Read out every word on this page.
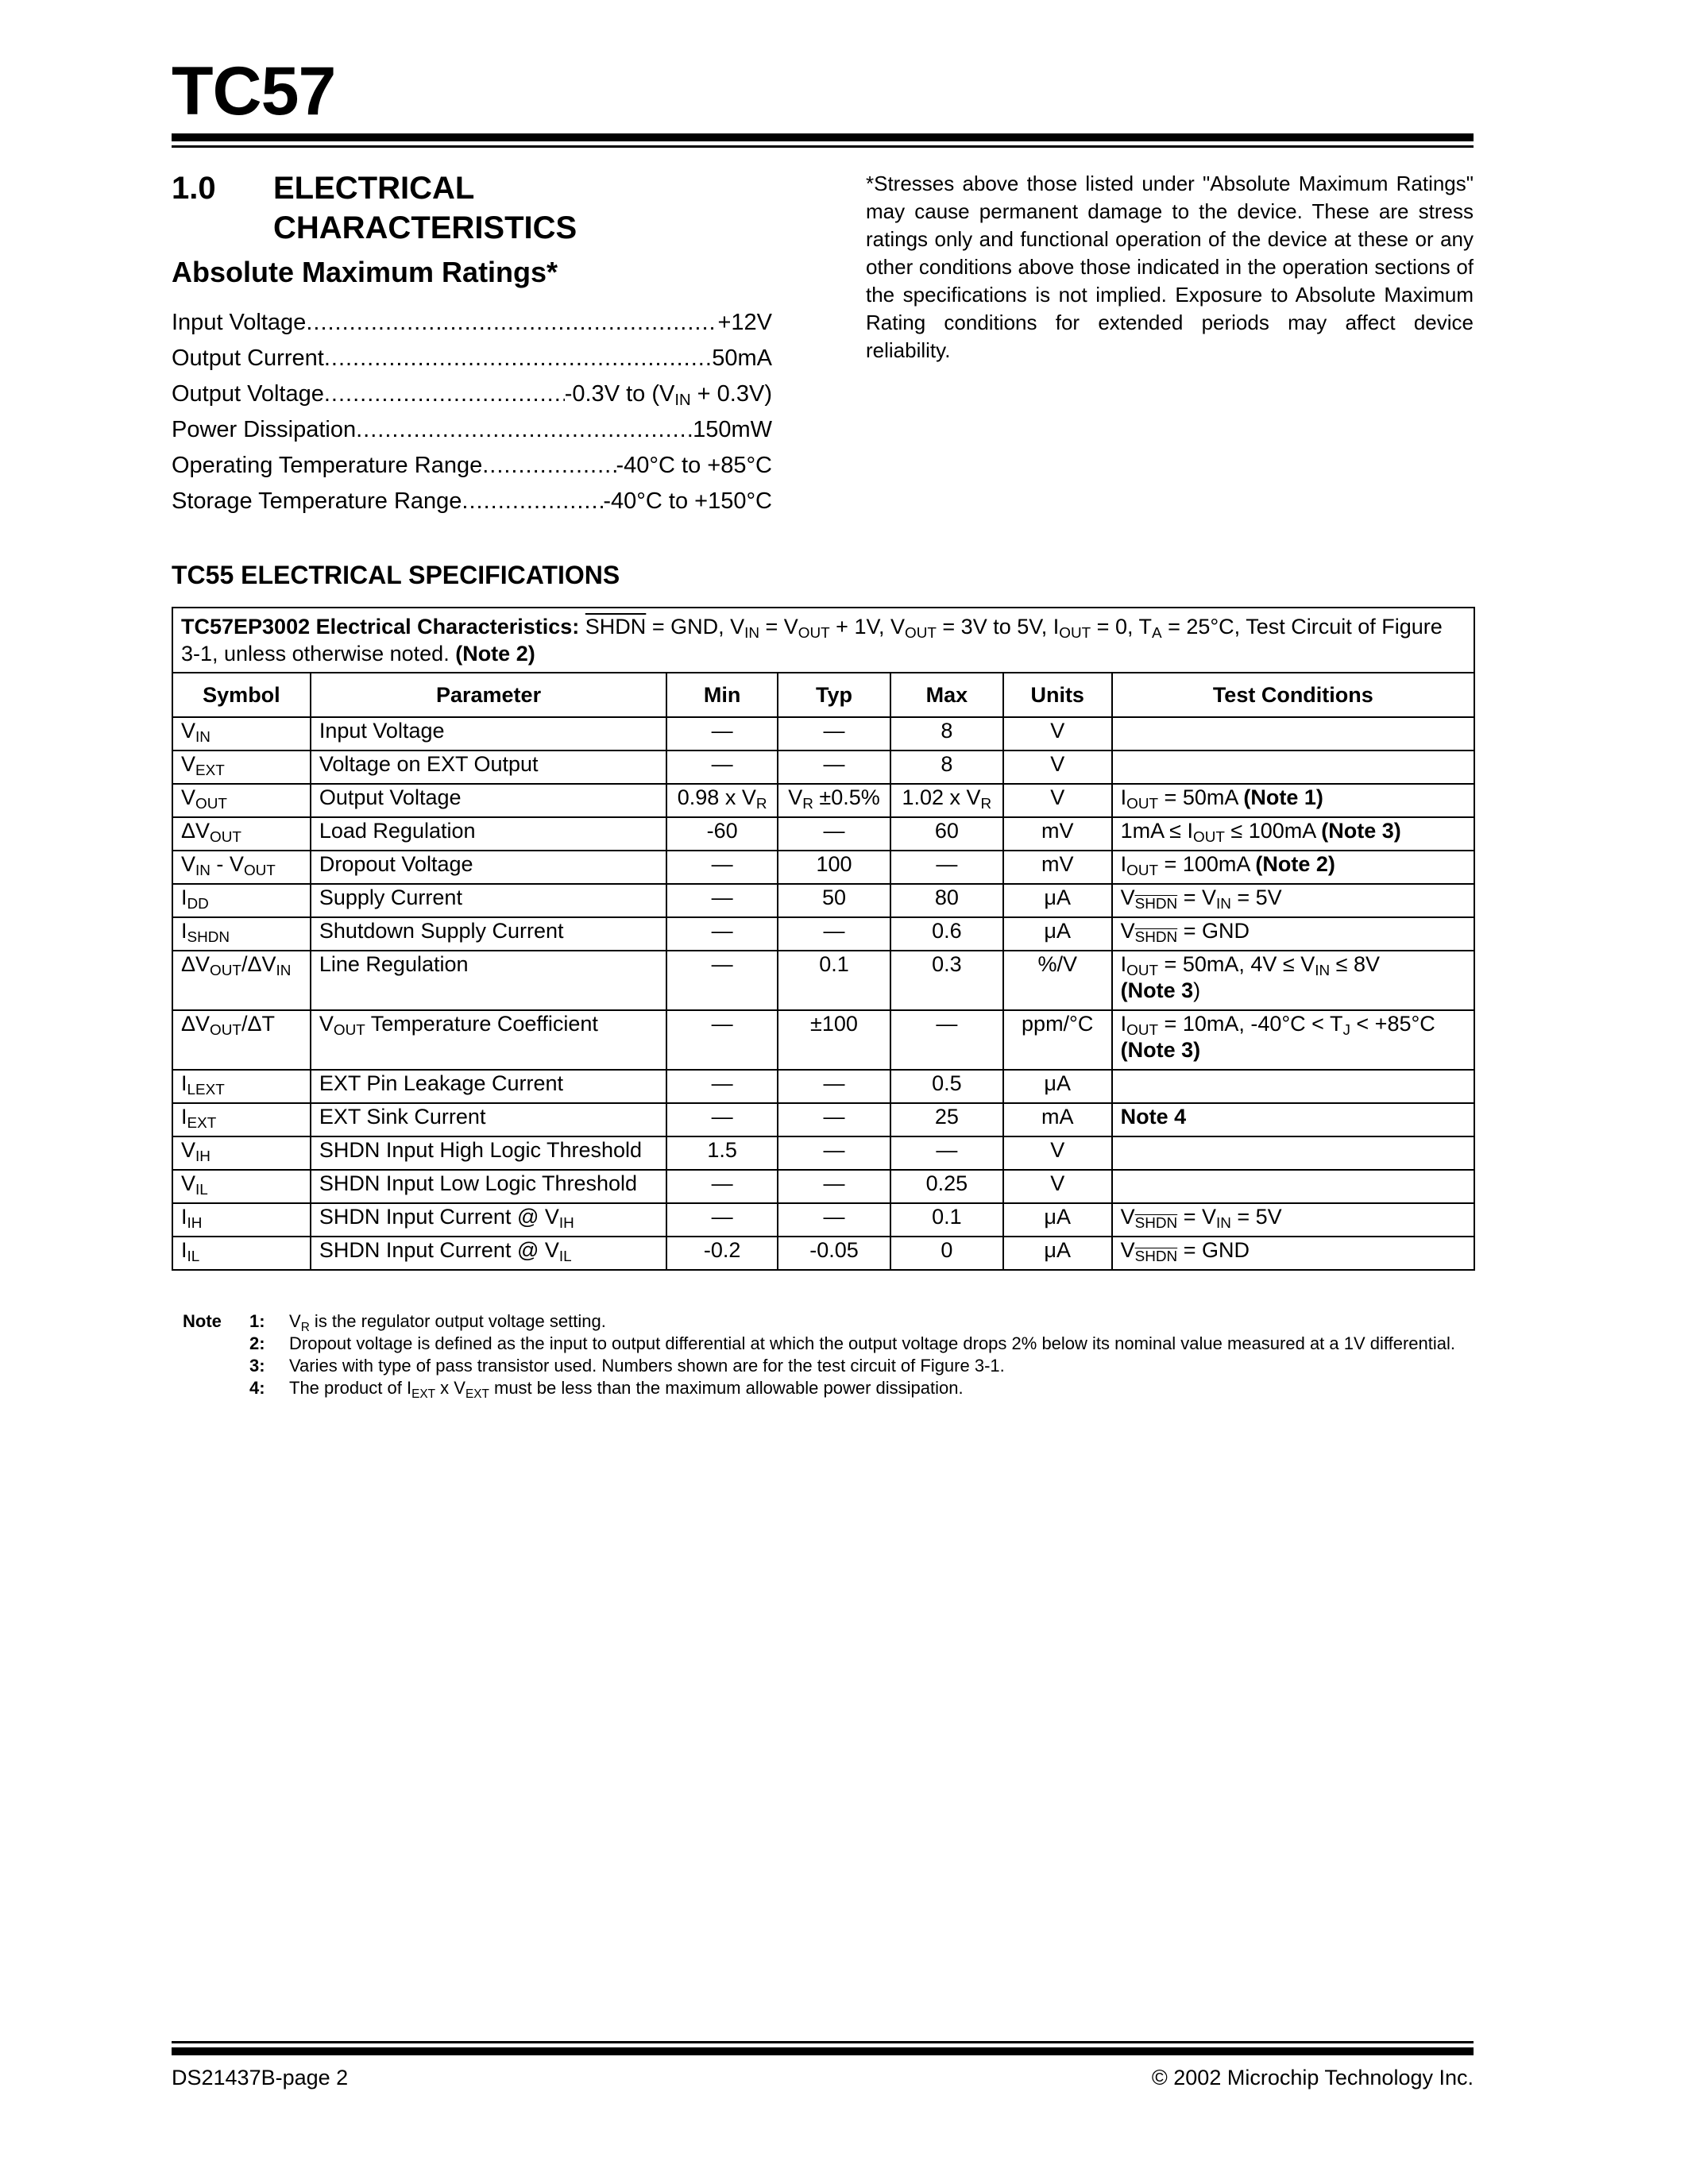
TC57
1.0 ELECTRICAL
CHARACTERISTICS
Absolute Maximum Ratings*
Input Voltage .....	+12V
Output Current .....	50mA
Output Voltage .....	-0.3V to $(V_{IN} + 0.3V)$
Power Dissipation .....	150mW
Operating Temperature Range .....	-40°C to +85°C
Storage Temperature Range .....	-40°C to +150°C
*Stresses above those listed under "Absolute Maximum Ratings" may cause permanent damage to the device. These are stress ratings only and functional operation of the device at these or any other conditions above those indicated in the operation sections of the specifications is not implied. Exposure to Absolute Maximum Rating conditions for extended periods may affect device reliability.
TC55 ELECTRICAL SPECIFICATIONS
TC57EP3002 Electrical Characteristics: SHDN = GND, $V_{IN} = V_{OUT} + 1V$, $V_{OUT} = 3V$ to 5V, $I_{OUT} = 0$, $T_A = 25^\circ C$, Test Circuit of Figure 3-1, unless otherwise noted. (Note 2)						
Symbol	Parameter	Min	Typ	Max	Units	Test Conditions
$V_{IN}$	Input Voltage	—	—	8	V	
$V_{EXT}$	Voltage on EXT Output	—	—	8	V	
$V_{OUT}$	Output Voltage	0.98 x $V_R$	$V_R \pm 0.5\%$	1.02 x $V_R$	V	$I_{OUT} = 50mA$ (Note 1)
$\Delta V_{OUT}$	Load Regulation	-60	—	60	mV	$1mA \le I_{OUT} \le 100mA$ (Note 3)
$V_{IN} - V_{OUT}$	Dropout Voltage	—	100	—	mV	$I_{OUT} = 100mA$ (Note 2)
$I_{DD}$	Supply Current	—	50	80	μA	$V_{SHDN} = V_{IN} = 5V$
$I_{SHDN}$	Shutdown Supply Current	—	—	0.6	μA	$V_{SHDN}$ = GND
$\Delta V_{OUT}/\Delta V_{IN}$	Line Regulation	—	0.1	0.3	%/V	$I_{OUT} = 50mA$, $4V \le V_{IN} \le 8V$
(Note 3)
$\Delta V_{OUT}/\Delta T$	$V_{OUT}$ Temperature Coefficient	—	±100	—	ppm/°C	$I_{OUT} = 10mA$, $-40^\circ C < T_J < +85^\circ C$
(Note 3)
$I_{LEXT}$	EXT Pin Leakage Current	—	—	0.5	μA	
$I_{EXT}$	EXT Sink Current	—	—	25	mA	Note 4
$V_{IH}$	SHDN Input High Logic Threshold	1.5	—	—	V	
$V_{IL}$	SHDN Input Low Logic Threshold	—	—	0.25	V	
$I_{IH}$	SHDN Input Current @ $V_{IH}$	—	—	0.1	μA	$V_{SHDN} = V_{IN} = 5V$
$I_{IL}$	SHDN Input Current @ $V_{IL}$	-0.2	-0.05	0	μA	$V_{SHDN}$ = GND
Note	1:	$V_R$ is the regulator output voltage setting.
2:	Dropout voltage is defined as the input to output differential at which the output voltage drops 2% below its nominal value measured at a 1V differential.
3:	Varies with type of pass transistor used. Numbers shown are for the test circuit of Figure 3-1.
4:	The product of $I_{EXT}$ x $V_{EXT}$ must be less than the maximum allowable power dissipation.
DS21437B-page 2	© 2002 Microchip Technology Inc.
